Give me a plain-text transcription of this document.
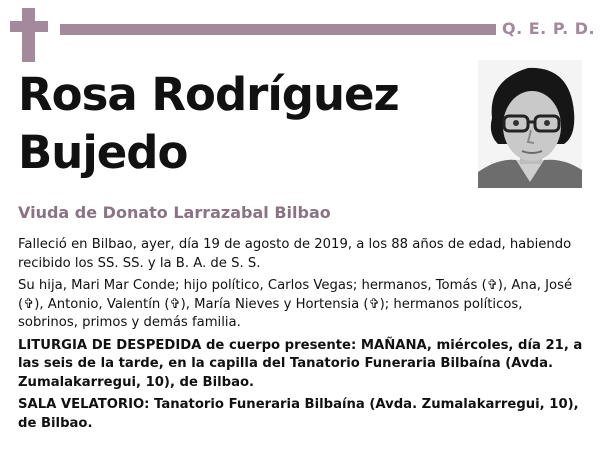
Q. E. P. D.
Rosa Rodríguez
Bujedo
Viuda de Donato Larrazabal Bilbao

Falleció en Bilbao, ayer, día 19 de agosto de 2019, a los 88 años de edad, habiendo recibido los SS. SS. y la B. A. de S. S.

Su hija, Mari Mar Conde; hijo político, Carlos Vegas; hermanos, Tomás (✞), Ana, José (✞), Antonio, Valentín (✞), María Nieves y Hortensia (✞); hermanos políticos, sobrinos, primos y demás familia.

LITURGIA DE DESPEDIDA de cuerpo presente: MAÑANA, miércoles, día 21, a las seis de la tarde, en la capilla del Tanatorio Funeraria Bilbaína (Avda. Zumalakarregui, 10), de Bilbao.

SALA VELATORIO: Tanatorio Funeraria Bilbaína (Avda. Zumalakarregui, 10), de Bilbao.
